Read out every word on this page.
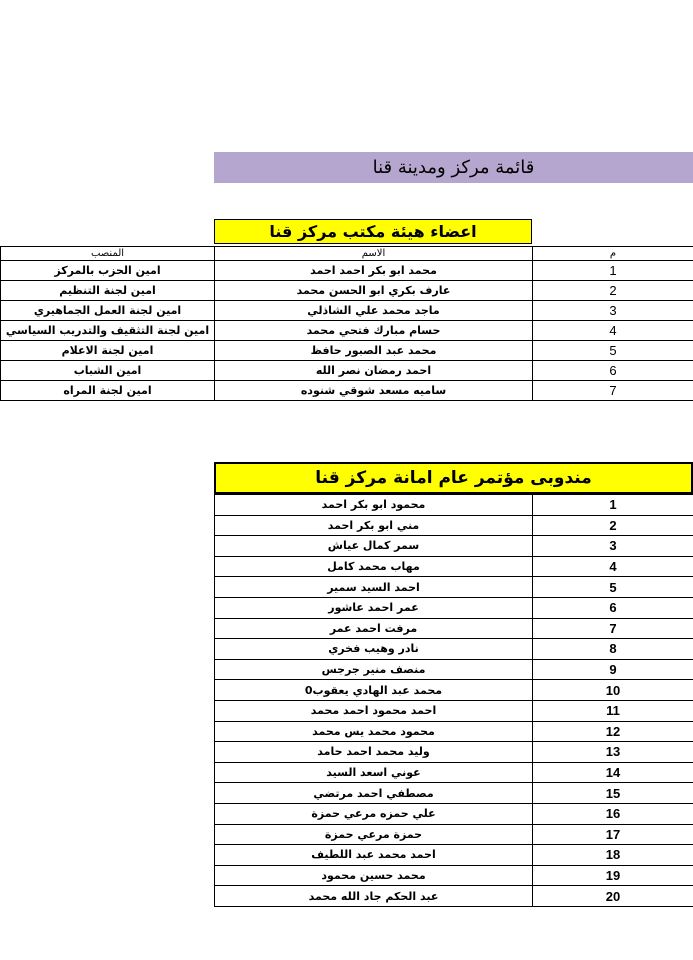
قائمة مركز ومدينة قنا
اعضاء هيئة مكتب مركز قنا
المنصب	الاسم	م
امين الحزب بالمركز	محمد ابو بكر احمد احمد	1
امين لجنة التنظيم	عارف بكري ابو الحسن محمد	2
امين لجنة العمل الجماهيري	ماجد محمد علي الشاذلي	3
امين لجنة التثقيف والتدريب السياسي	حسام مبارك فتحي محمد	4
امين لجنة الاعلام	محمد عبد الصبور حافظ	5
امين الشباب	احمد رمضان نصر الله	6
امين لجنة المراه	ساميه مسعد شوقي شنوده	7
مندوبى مؤتمر عام امانة مركز قنا
محمود ابو بكر احمد	1
مني ابو بكر احمد	2
سمر كمال عياش	3
مهاب محمد كامل	4
احمد السيد سمير	5
عمر احمد عاشور	6
مرفت احمد عمر	7
نادر وهيب فخري	8
منصف منير جرجس	9
محمد عبد الهادي يعقوب0	10
احمد محمود احمد محمد	11
محمود محمد يس محمد	12
وليد محمد احمد حامد	13
عوني اسعد السيد	14
مصطفي احمد مرتضي	15
علي حمزه مرعي حمزة	16
حمزة مرعي حمزة	17
احمد محمد عبد اللطيف	18
محمد حسين محمود	19
عبد الحكم جاد الله محمد	20
